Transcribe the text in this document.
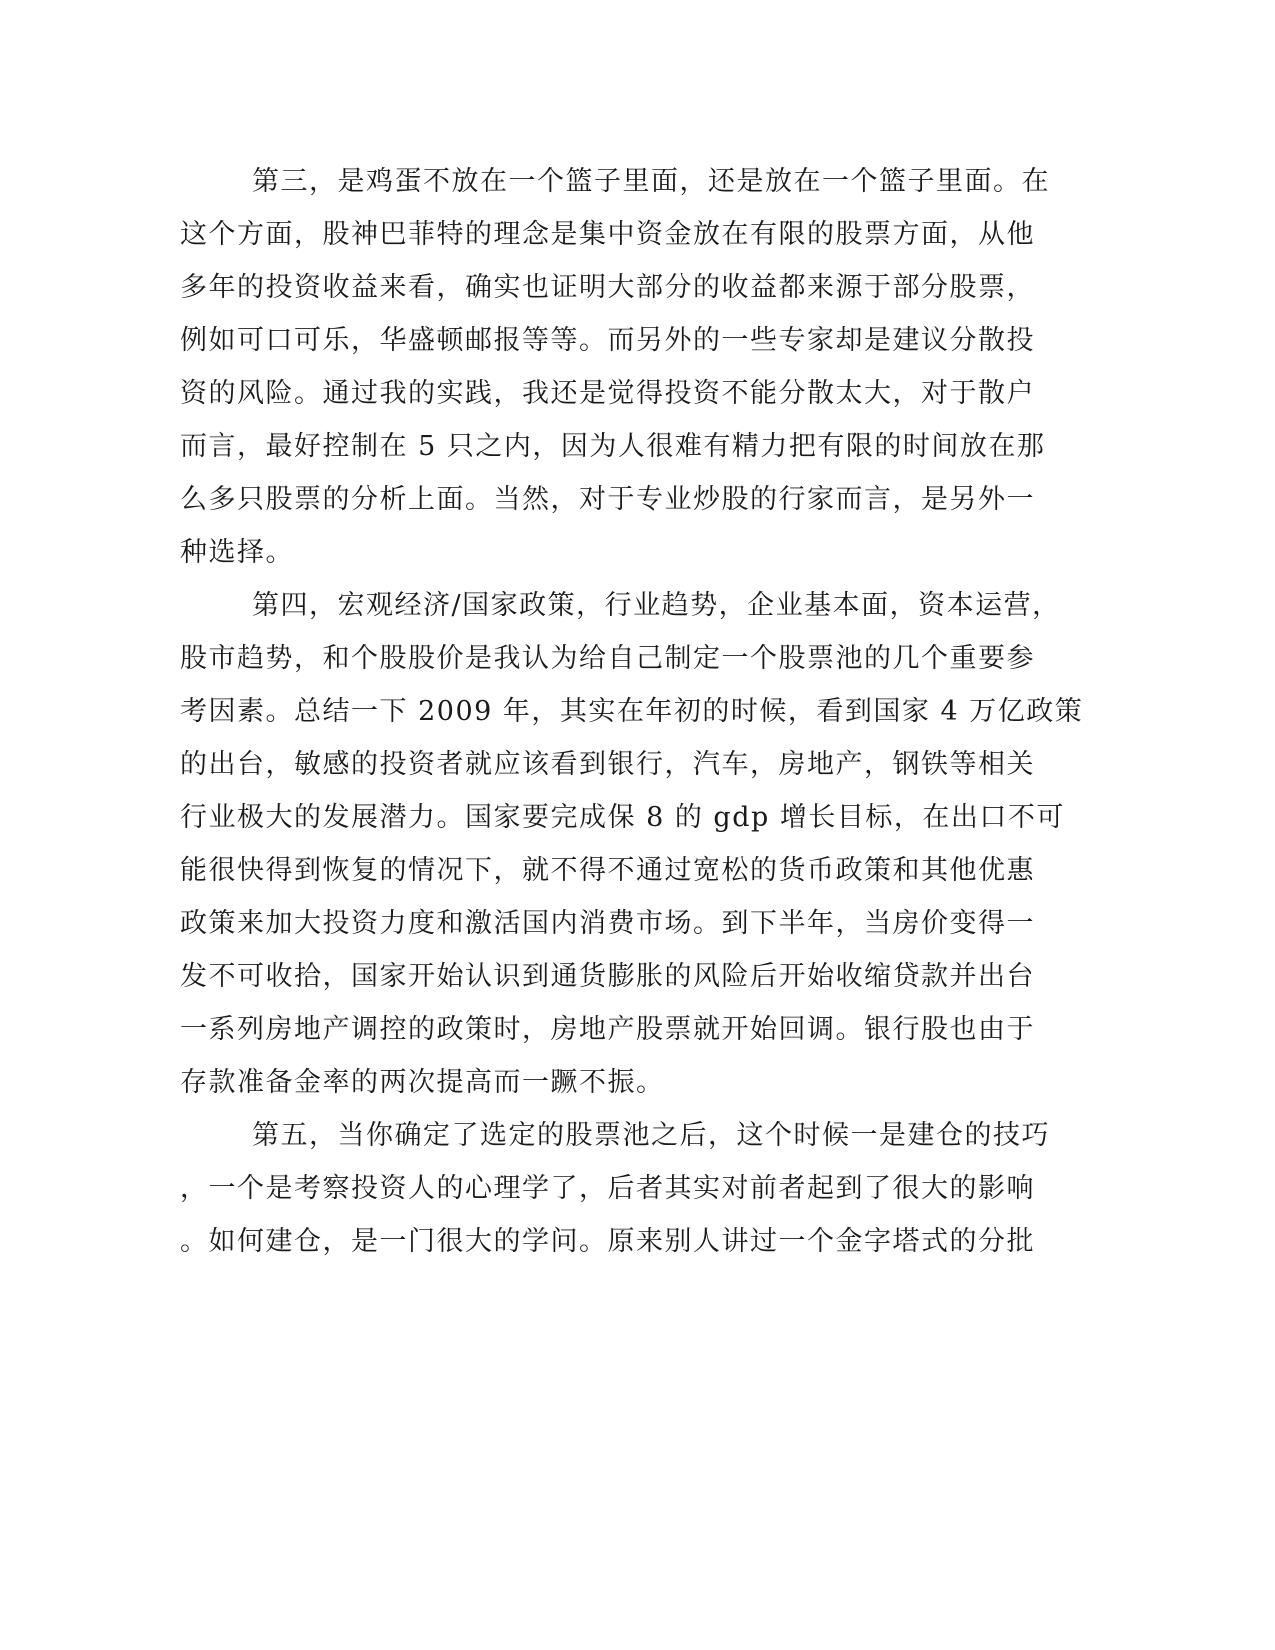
第三，是鸡蛋不放在一个篮子里面，还是放在一个篮子里面。在
这个方面，股神巴菲特的理念是集中资金放在有限的股票方面，从他
多年的投资收益来看，确实也证明大部分的收益都来源于部分股票，
例如可口可乐，华盛顿邮报等等。而另外的一些专家却是建议分散投
资的风险。通过我的实践，我还是觉得投资不能分散太大，对于散户
而言，最好控制在 5 只之内，因为人很难有精力把有限的时间放在那
么多只股票的分析上面。当然，对于专业炒股的行家而言，是另外一
种选择。
第四，宏观经济/国家政策，行业趋势，企业基本面，资本运营，
股市趋势，和个股股价是我认为给自己制定一个股票池的几个重要参
考因素。总结一下 2009 年，其实在年初的时候，看到国家 4 万亿政策
的出台，敏感的投资者就应该看到银行，汽车，房地产，钢铁等相关
行业极大的发展潜力。国家要完成保 8 的 gdp 增长目标，在出口不可
能很快得到恢复的情况下，就不得不通过宽松的货币政策和其他优惠
政策来加大投资力度和激活国内消费市场。到下半年，当房价变得一
发不可收拾，国家开始认识到通货膨胀的风险后开始收缩贷款并出台
一系列房地产调控的政策时，房地产股票就开始回调。银行股也由于
存款准备金率的两次提高而一蹶不振。
第五，当你确定了选定的股票池之后，这个时候一是建仓的技巧
，一个是考察投资人的心理学了，后者其实对前者起到了很大的影响
。如何建仓，是一门很大的学问。原来别人讲过一个金字塔式的分批
